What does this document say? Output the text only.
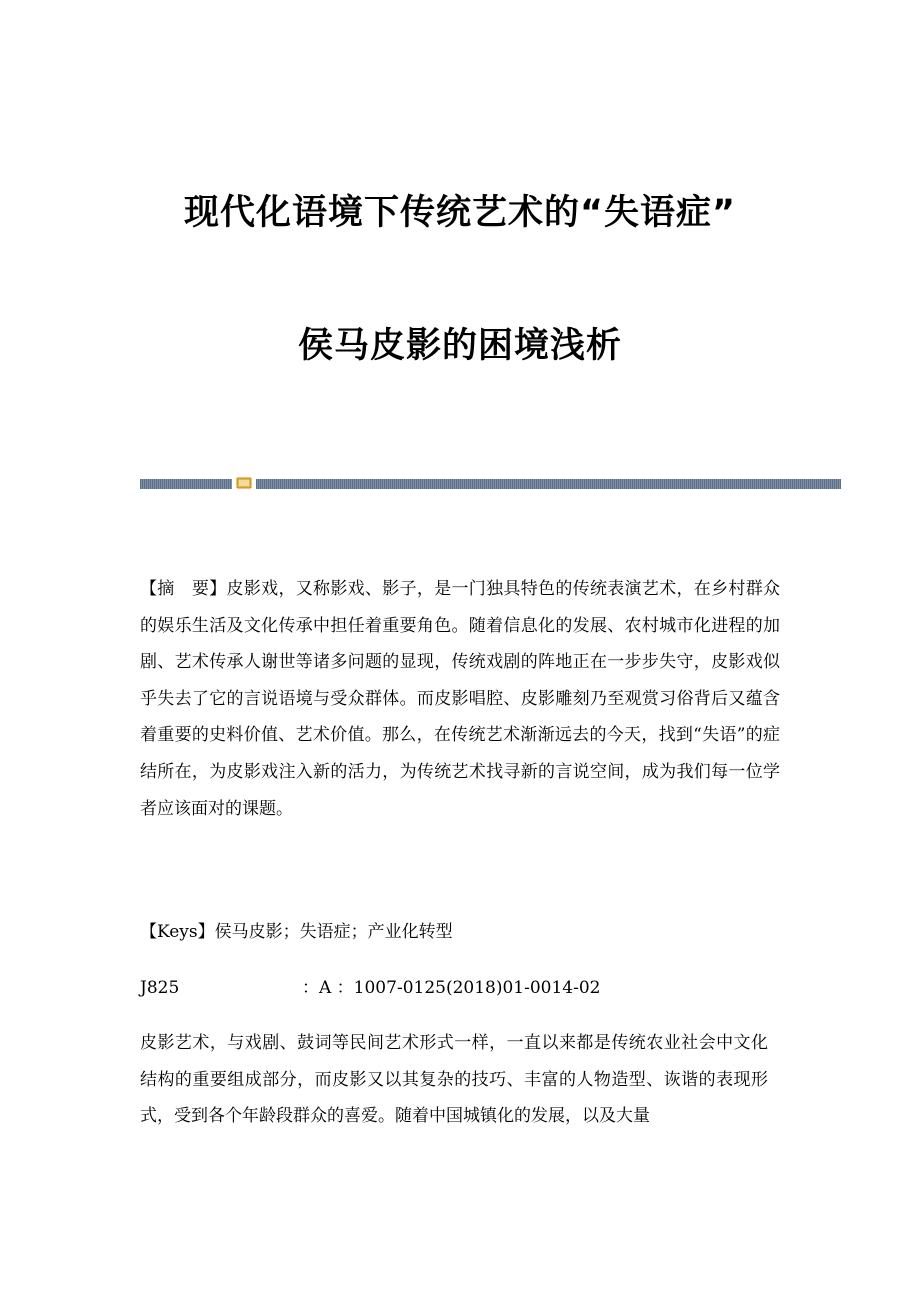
现代化语境下传统艺术的“失语症”
侯马皮影的困境浅析
【摘　要】皮影戏，又称影戏、影子，是一门独具特色的传统表演艺术，在乡村群众的娱乐生活及文化传承中担任着重要角色。随着信息化的发展、农村城市化进程的加剧、艺术传承人谢世等诸多问题的显现，传统戏剧的阵地正在一步步失守，皮影戏似乎失去了它的言说语境与受众群体。而皮影唱腔、皮影雕刻乃至观赏习俗背后又蕴含着重要的史料价值、艺术价值。那么，在传统艺术渐渐远去的今天，找到“失语”的症结所在，为皮影戏注入新的活力，为传统艺术找寻新的言说空间，成为我们每一位学者应该面对的课题。
【Keys】侯马皮影；失语症；产业化转型
J825	：A ：1007-0125(2018)01-0014-02
皮影艺术，与戏剧、鼓词等民间艺术形式一样，一直以来都是传统农业社会中文化结构的重要组成部分，而皮影又以其复杂的技巧、丰富的人物造型、诙谐的表现形式，受到各个年龄段群众的喜爱。随着中国城镇化的发展，以及大量
